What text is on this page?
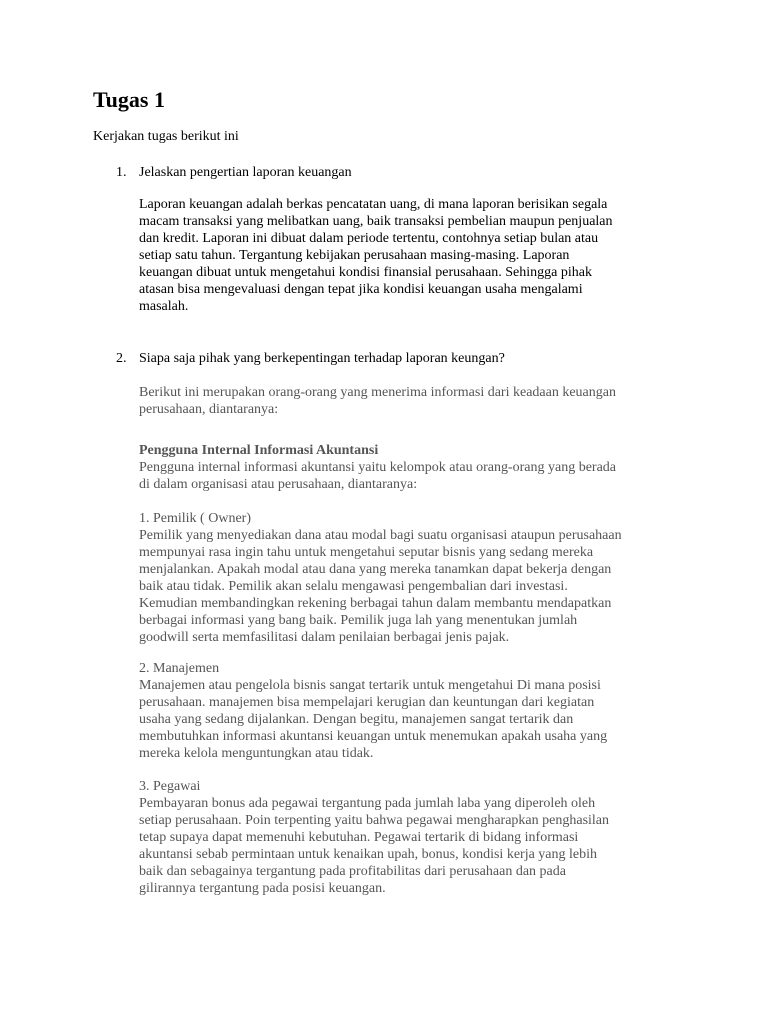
Tugas 1
Kerjakan tugas berikut ini
1. Jelaskan pengertian laporan keuangan
Laporan keuangan adalah berkas pencatatan uang, di mana laporan berisikan segala
macam transaksi yang melibatkan uang, baik transaksi pembelian maupun penjualan
dan kredit. Laporan ini dibuat dalam periode tertentu, contohnya setiap bulan atau
setiap satu tahun. Tergantung kebijakan perusahaan masing-masing. Laporan
keuangan dibuat untuk mengetahui kondisi finansial perusahaan. Sehingga pihak
atasan bisa mengevaluasi dengan tepat jika kondisi keuangan usaha mengalami
masalah.
2. Siapa saja pihak yang berkepentingan terhadap laporan keungan?
Berikut ini merupakan orang-orang yang menerima informasi dari keadaan keuangan
perusahaan, diantaranya:
Pengguna Internal Informasi Akuntansi
Pengguna internal informasi akuntansi yaitu kelompok atau orang-orang yang berada
di dalam organisasi atau perusahaan, diantaranya:
1. Pemilik ( Owner)
Pemilik yang menyediakan dana atau modal bagi suatu organisasi ataupun perusahaan
mempunyai rasa ingin tahu untuk mengetahui seputar bisnis yang sedang mereka
menjalankan. Apakah modal atau dana yang mereka tanamkan dapat bekerja dengan
baik atau tidak. Pemilik akan selalu mengawasi pengembalian dari investasi.
Kemudian membandingkan rekening berbagai tahun dalam membantu mendapatkan
berbagai informasi yang bang baik. Pemilik juga lah yang menentukan jumlah
goodwill serta memfasilitasi dalam penilaian berbagai jenis pajak.
2. Manajemen
Manajemen atau pengelola bisnis sangat tertarik untuk mengetahui Di mana posisi
perusahaan. manajemen bisa mempelajari kerugian dan keuntungan dari kegiatan
usaha yang sedang dijalankan. Dengan begitu, manajemen sangat tertarik dan
membutuhkan informasi akuntansi keuangan untuk menemukan apakah usaha yang
mereka kelola menguntungkan atau tidak.
3. Pegawai
Pembayaran bonus ada pegawai tergantung pada jumlah laba yang diperoleh oleh
setiap perusahaan. Poin terpenting yaitu bahwa pegawai mengharapkan penghasilan
tetap supaya dapat memenuhi kebutuhan. Pegawai tertarik di bidang informasi
akuntansi sebab permintaan untuk kenaikan upah, bonus, kondisi kerja yang lebih
baik dan sebagainya tergantung pada profitabilitas dari perusahaan dan pada
gilirannya tergantung pada posisi keuangan.
